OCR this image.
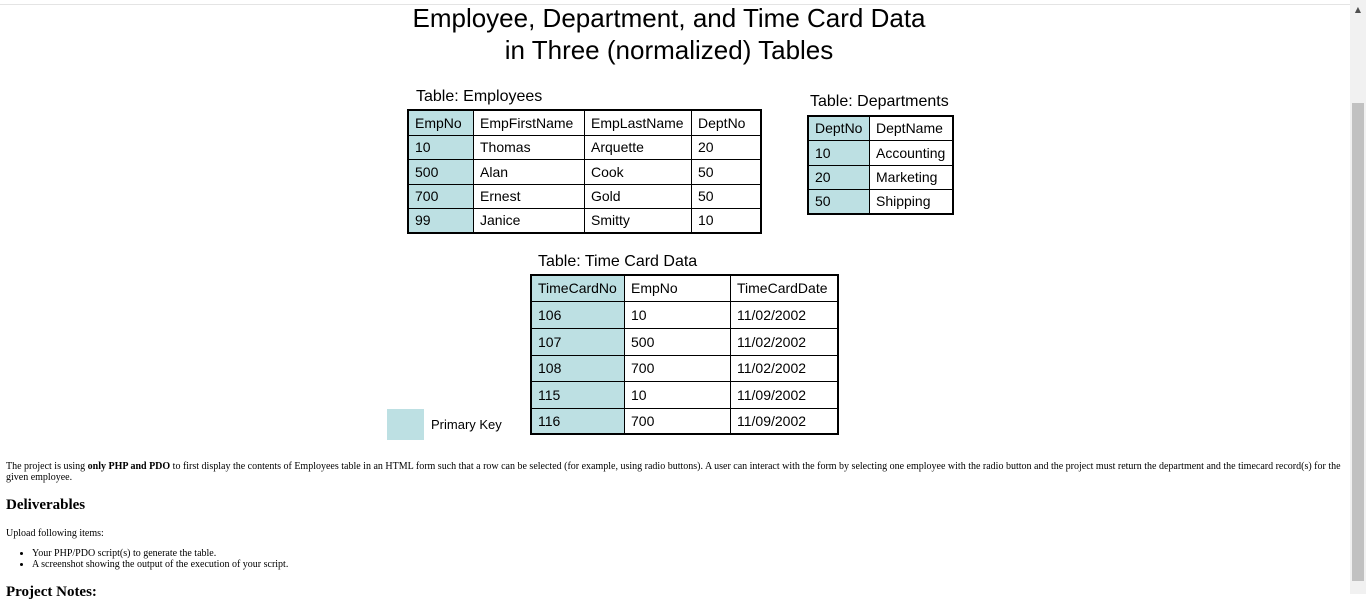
▲
Employee, Department, and Time Card Data
in Three (normalized) Tables
Table: Employees
EmpNo	EmpFirstName	EmpLastName	DeptNo
10	Thomas	Arquette	20
500	Alan	Cook	50
700	Ernest	Gold	50
99	Janice	Smitty	10
Table: Departments
DeptNo	DeptName
10	Accounting
20	Marketing
50	Shipping
Table: Time Card Data
TimeCardNo	EmpNo	TimeCardDate
106	10	11/02/2002
107	500	11/02/2002
108	700	11/02/2002
115	10	11/09/2002
116	700	11/09/2002
Primary Key
The project is using only PHP and PDO to first display the contents of Employees table in an HTML form such that a row can be selected (for example, using radio buttons). A user can interact with the form by selecting one employee with the radio button and the project must return the department and the timecard record(s) for the given employee.
Deliverables
Upload following items:
• Your PHP/PDO script(s) to generate the table.
• A screenshot showing the output of the execution of your script.
Project Notes:
